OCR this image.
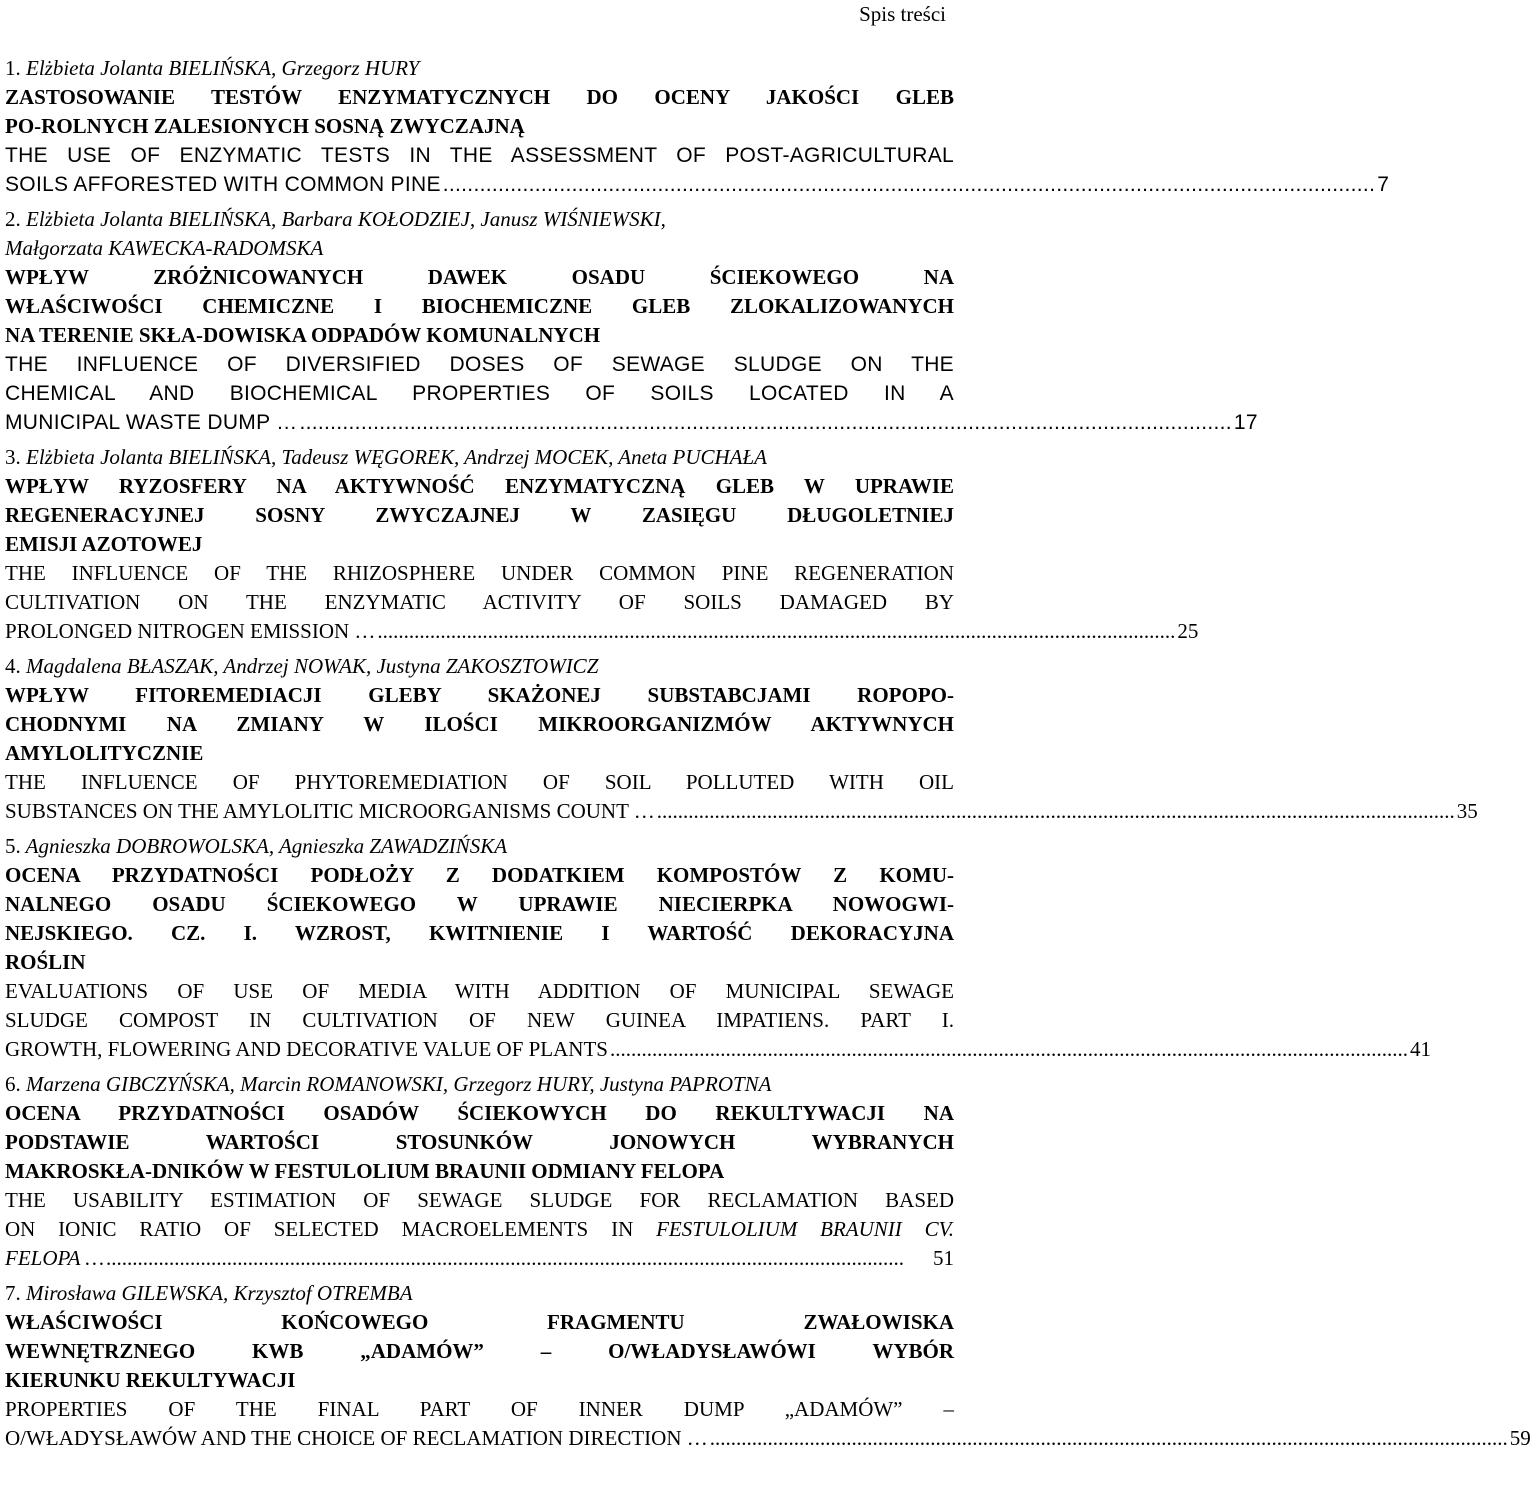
Spis treści
1. Elżbieta Jolanta BIELIŃSKA, Grzegorz HURY
ZASTOSOWANIE TESTÓW ENZYMATYCZNYCH DO OCENY JAKOŚCI GLEB
PO-ROLNYCH ZALESIONYCH SOSNĄ ZWYCZAJNĄ
THE USE OF ENZYMATIC TESTS IN THE ASSESSMENT OF POST-AGRICULTURAL
SOILS AFFORESTED WITH COMMON PINE ........................................................................................................................................................ 7
2. Elżbieta Jolanta BIELIŃSKA, Barbara KOŁODZIEJ, Janusz WIŚNIEWSKI,
Małgorzata KAWECKA-RADOMSKA
WPŁYW ZRÓŻNICOWANYCH DAWEK OSADU ŚCIEKOWEGO NA
WŁAŚCIWOŚCI CHEMICZNE I BIOCHEMICZNE GLEB ZLOKALIZOWANYCH
NA TERENIE SKŁA-DOWISKA ODPADÓW KOMUNALNYCH
THE INFLUENCE OF DIVERSIFIED DOSES OF SEWAGE SLUDGE ON THE
CHEMICAL AND BIOCHEMICAL PROPERTIES OF SOILS LOCATED IN A
MUNICIPAL WASTE DUMP … ........................................................................................................................................................ 17
3. Elżbieta Jolanta BIELIŃSKA, Tadeusz WĘGOREK, Andrzej MOCEK, Aneta PUCHAŁA
WPŁYW RYZOSFERY NA AKTYWNOŚĆ ENZYMATYCZNĄ GLEB W UPRAWIE
REGENERACYJNEJ SOSNY ZWYCZAJNEJ W ZASIĘGU DŁUGOLETNIEJ
EMISJI AZOTOWEJ
THE INFLUENCE OF THE RHIZOSPHERE UNDER COMMON PINE REGENERATION
CULTIVATION ON THE ENZYMATIC ACTIVITY OF SOILS DAMAGED BY
PROLONGED NITROGEN EMISSION … ........................................................................................................................................................ 25
4. Magdalena BŁASZAK, Andrzej NOWAK, Justyna ZAKOSZTOWICZ
WPŁYW FITOREMEDIACJI GLEBY SKAŻONEJ SUBSTABCJAMI ROPOPO-
CHODNYMI NA ZMIANY W ILOŚCI MIKROORGANIZMÓW AKTYWNYCH
AMYLOLITYCZNIE
THE INFLUENCE OF PHYTOREMEDIATION OF SOIL POLLUTED WITH OIL
SUBSTANCES ON THE AMYLOLITIC MICROORGANISMS COUNT … ........................................................................................................................................................ 35
5. Agnieszka DOBROWOLSKA, Agnieszka ZAWADZIŃSKA
OCENA PRZYDATNOŚCI PODŁOŻY Z DODATKIEM KOMPOSTÓW Z KOMU-
NALNEGO OSADU ŚCIEKOWEGO W UPRAWIE NIECIERPKA NOWOGWI-
NEJSKIEGO. CZ. I. WZROST, KWITNIENIE I WARTOŚĆ DEKORACYJNA
ROŚLIN
EVALUATIONS OF USE OF MEDIA WITH ADDITION OF MUNICIPAL SEWAGE
SLUDGE COMPOST IN CULTIVATION OF NEW GUINEA IMPATIENS. PART I.
GROWTH, FLOWERING AND DECORATIVE VALUE OF PLANTS ........................................................................................................................................................ 41
6. Marzena GIBCZYŃSKA, Marcin ROMANOWSKI, Grzegorz HURY, Justyna PAPROTNA
OCENA PRZYDATNOŚCI OSADÓW ŚCIEKOWYCH DO REKULTYWACJI NA
PODSTAWIE WARTOŚCI STOSUNKÓW JONOWYCH WYBRANYCH
MAKROSKŁA-DNIKÓW W FESTULOLIUM BRAUNII ODMIANY FELOPA
THE USABILITY ESTIMATION OF SEWAGE SLUDGE FOR RECLAMATION BASED
ON IONIC RATIO OF SELECTED MACROELEMENTS IN FESTULOLIUM BRAUNII CV.
FELOPA … ........................................................................................................................................................	51
7. Mirosława GILEWSKA, Krzysztof OTREMBA
WŁAŚCIWOŚCI KOŃCOWEGO FRAGMENTU ZWAŁOWISKA
WEWNĘTRZNEGO KWB „ADAMÓW” – O/WŁADYSŁAWÓWI WYBÓR
KIERUNKU REKULTYWACJI
PROPERTIES OF THE FINAL PART OF INNER DUMP „ADAMÓW” –
O/WŁADYSŁAWÓW AND THE CHOICE OF RECLAMATION DIRECTION … ........................................................................................................................................................ 59
